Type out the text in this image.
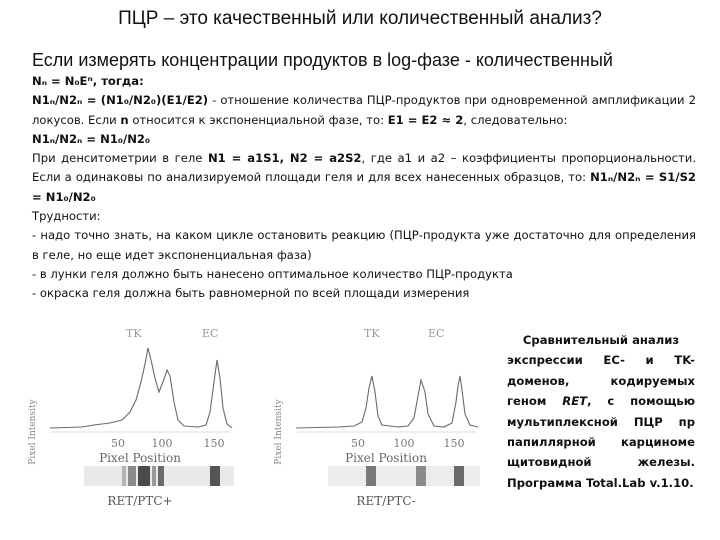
ПЦР – это качественный или количественный анализ?
Если измерять концентрации продуктов в log-фазе - количественный

Nₙ = N₀Eⁿ, тогда:

N1ₙ/N2ₙ = (N1₀/N2₀)(E1/E2) - отношение количества ПЦР-продуктов при одновременной амплификации 2 локусов. Если n относится к экспоненциальной фазе, то: E1 = E2 ≈ 2, следовательно:

N1ₙ/N2ₙ = N1₀/N2₀

При денситометрии в геле N1 = a1S1, N2 = a2S2, где a1 и a2 – коэффициенты пропорциональности. Если a одинаковы по анализируемой площади геля и для всех нанесенных образцов, то: N1ₙ/N2ₙ = S1/S2 = N1₀/N2₀

Трудности:

- надо точно знать, на каком цикле остановить реакцию (ПЦР-продукта уже достаточно для определения в геле, но еще идет экспоненциальная фаза)

- в лунки геля должно быть нанесено оптимальное количество ПЦР-продукта

- окраска геля должна быть равномерной по всей площади измерения

TK	EC
Pixel Intensity	50 100	150
Pixel Position
RET/PTC+
TK	EC
Pixel Intensity	50	100	150
Pixel Position
RET/PTC-
Сравнительный анализ
экспрессии EC- и TK-доменов, кодируемых геном RET, с помощью мультиплексной ПЦР пр папиллярной карциноме щитовидной железы. Программа Total.Lab v.1.10.
